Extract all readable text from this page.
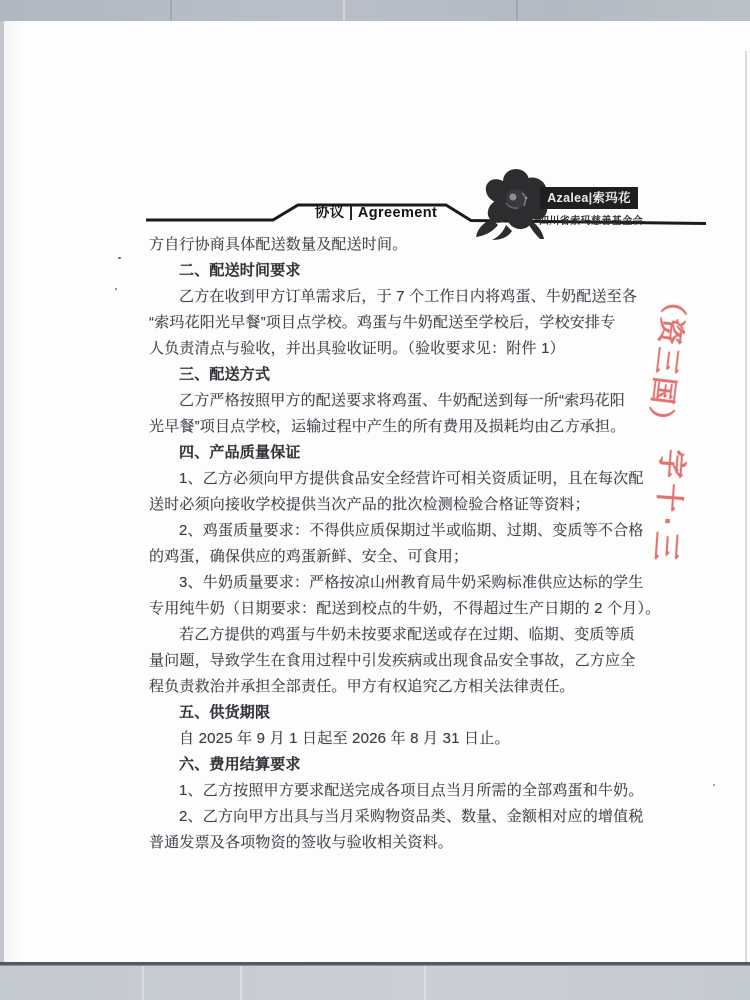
协议 | Agreement
Azalea|索玛花
四川省索玛慈善基金会
方自行协商具体配送数量及配送时间。
二、配送时间要求
乙方在收到甲方订单需求后，于 7 个工作日内将鸡蛋、牛奶配送至各
“索玛花阳光早餐”项目点学校。鸡蛋与牛奶配送至学校后，学校安排专
人负责清点与验收，并出具验收证明。（验收要求见：附件 1）
三、配送方式
乙方严格按照甲方的配送要求将鸡蛋、牛奶配送到每一所“索玛花阳
光早餐”项目点学校，运输过程中产生的所有费用及损耗均由乙方承担。
四、产品质量保证
1、乙方必须向甲方提供食品安全经营许可相关资质证明，且在每次配
送时必须向接收学校提供当次产品的批次检测检验合格证等资料；
2、鸡蛋质量要求：不得供应质保期过半或临期、过期、变质等不合格
的鸡蛋，确保供应的鸡蛋新鲜、安全、可食用；
3、牛奶质量要求：严格按凉山州教育局牛奶采购标准供应达标的学生
专用纯牛奶（日期要求：配送到校点的牛奶，不得超过生产日期的 2 个月）。
若乙方提供的鸡蛋与牛奶未按要求配送或存在过期、临期、变质等质
量问题，导致学生在食用过程中引发疾病或出现食品安全事故，乙方应全
程负责救治并承担全部责任。甲方有权追究乙方相关法律责任。
五、供货期限
自 2025 年 9 月 1 日起至 2026 年 8 月 31 日止。
六、费用结算要求
1、乙方按照甲方要求配送完成各项目点当月所需的全部鸡蛋和牛奶。
2、乙方向甲方出具与当月采购物资品类、数量、金额相对应的增值税
普通发票及各项物资的签收与验收相关资料。
（资三国）
字十·三
